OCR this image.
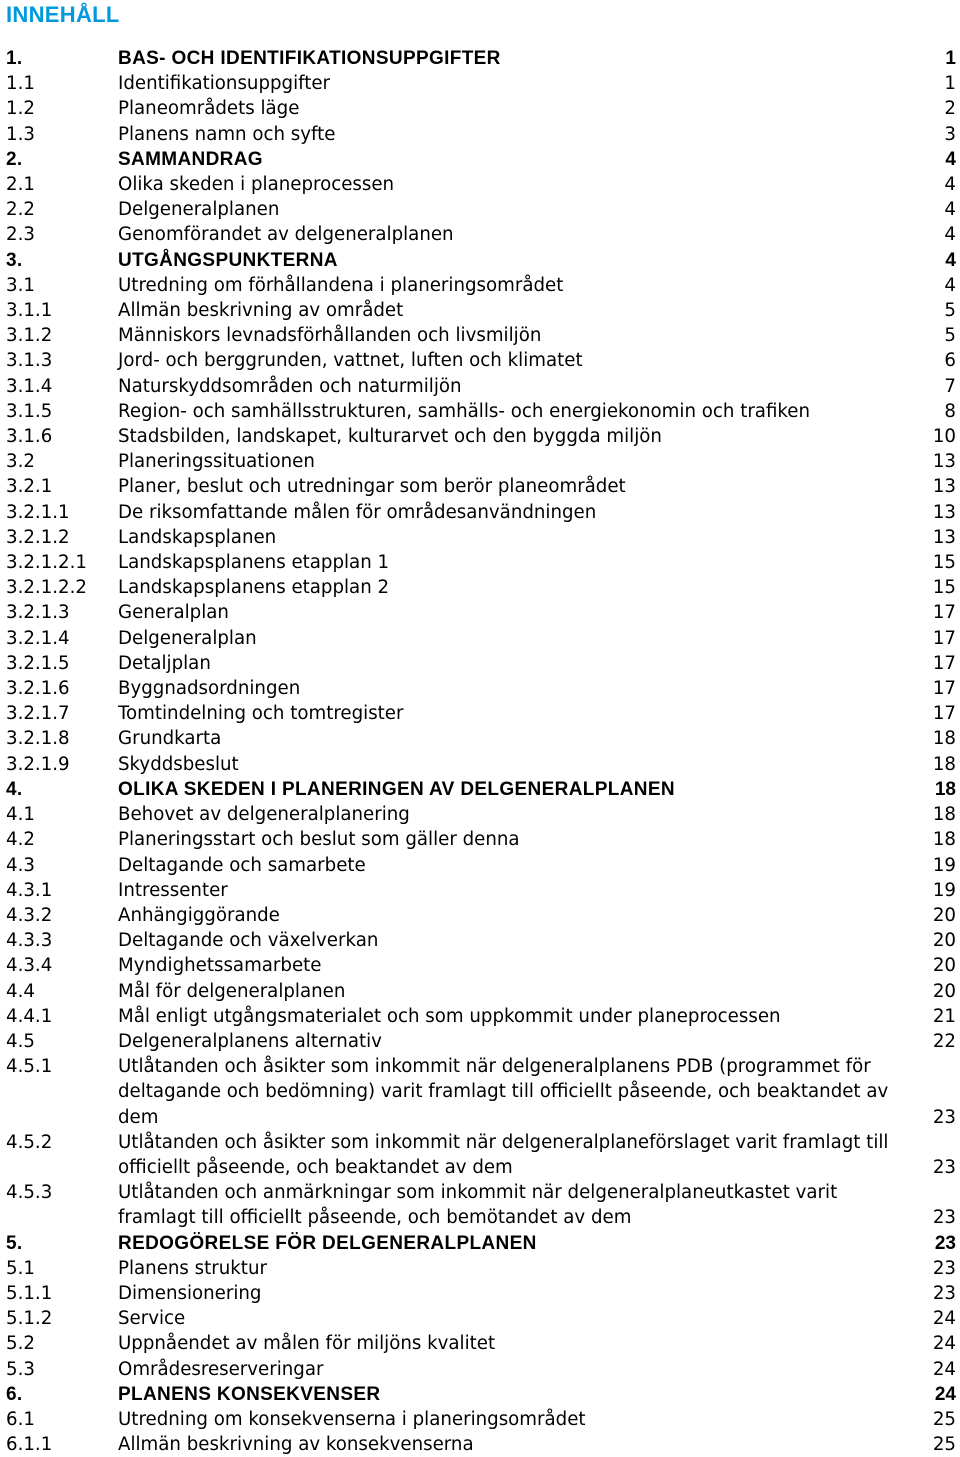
INNEHÅLL
1.	BAS- OCH IDENTIFIKATIONSUPPGIFTER	1
1.1	Identifikationsuppgifter	1
1.2	Planeområdets läge	2
1.3	Planens namn och syfte	3
2.	SAMMANDRAG	4
2.1	Olika skeden i planeprocessen	4
2.2	Delgeneralplanen	4
2.3	Genomförandet av delgeneralplanen	4
3.	UTGÅNGSPUNKTERNA	4
3.1	Utredning om förhållandena i planeringsområdet	4
3.1.1	Allmän beskrivning av området	5
3.1.2	Människors levnadsförhållanden och livsmiljön	5
3.1.3	Jord- och berggrunden, vattnet, luften och klimatet	6
3.1.4	Naturskyddsområden och naturmiljön	7
3.1.5	Region- och samhällsstrukturen, samhälls- och energiekonomin och trafiken	8
3.1.6	Stadsbilden, landskapet, kulturarvet och den byggda miljön	10
3.2	Planeringssituationen	13
3.2.1	Planer, beslut och utredningar som berör planeområdet	13
3.2.1.1	De riksomfattande målen för områdesanvändningen	13
3.2.1.2	Landskapsplanen	13
3.2.1.2.1	Landskapsplanens etapplan 1	15
3.2.1.2.2	Landskapsplanens etapplan 2	15
3.2.1.3	Generalplan	17
3.2.1.4	Delgeneralplan	17
3.2.1.5	Detaljplan	17
3.2.1.6	Byggnadsordningen	17
3.2.1.7	Tomtindelning och tomtregister	17
3.2.1.8	Grundkarta	18
3.2.1.9	Skyddsbeslut	18
4.	OLIKA SKEDEN I PLANERINGEN AV DELGENERALPLANEN	18
4.1	Behovet av delgeneralplanering	18
4.2	Planeringsstart och beslut som gäller denna	18
4.3	Deltagande och samarbete	19
4.3.1	Intressenter	19
4.3.2	Anhängiggörande	20
4.3.3	Deltagande och växelverkan	20
4.3.4	Myndighetssamarbete	20
4.4	Mål för delgeneralplanen	20
4.4.1	Mål enligt utgångsmaterialet och som uppkommit under planeprocessen	21
4.5	Delgeneralplanens alternativ	22
4.5.1	Utlåtanden och åsikter som inkommit när delgeneralplanens PDB (programmet för deltagande och bedömning) varit framlagt till officiellt påseende, och beaktandet av dem	23
4.5.2	Utlåtanden och åsikter som inkommit när delgeneralplaneförslaget varit framlagt till officiellt påseende, och beaktandet av dem	23
4.5.3	Utlåtanden och anmärkningar som inkommit när delgeneralplaneutkastet varit framlagt till officiellt påseende, och bemötandet av dem	23
5.	REDOGÖRELSE FÖR DELGENERALPLANEN	23
5.1	Planens struktur	23
5.1.1	Dimensionering	23
5.1.2	Service	24
5.2	Uppnåendet av målen för miljöns kvalitet	24
5.3	Områdesreserveringar	24
6.	PLANENS KONSEKVENSER	24
6.1	Utredning om konsekvenserna i planeringsområdet	25
6.1.1	Allmän beskrivning av konsekvenserna	25
